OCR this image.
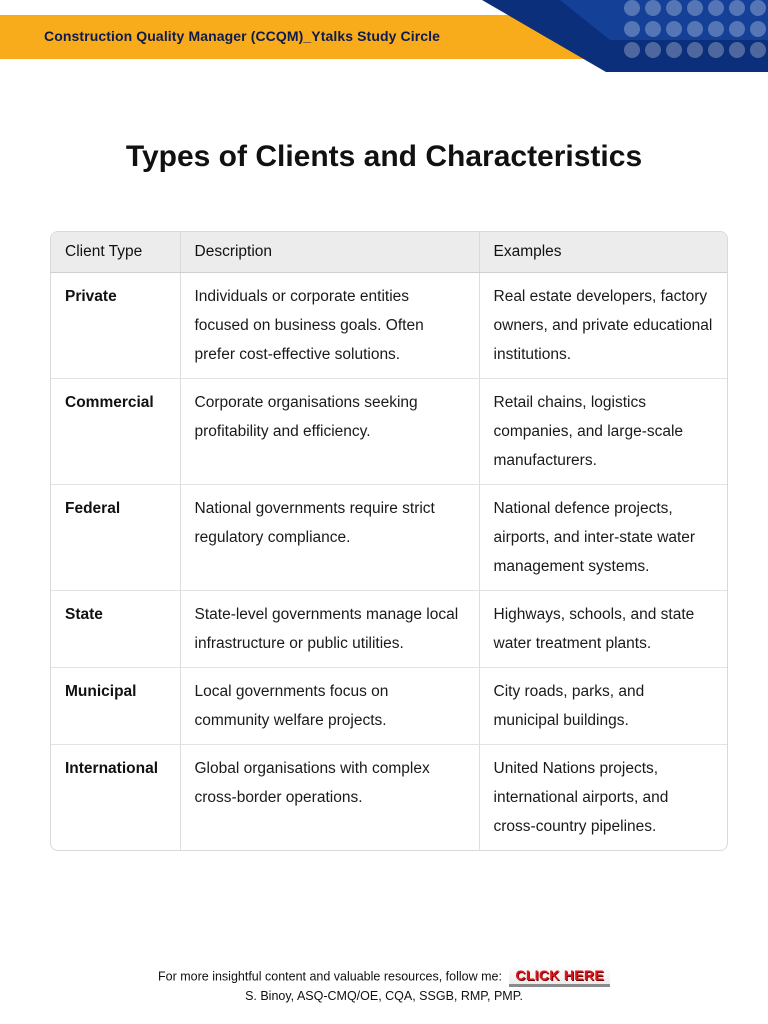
Construction Quality Manager (CCQM)_Ytalks Study Circle
Types of Clients and Characteristics
Client Type	Description	Examples
Private	Individuals or corporate entities focused on business goals. Often prefer cost-effective solutions.	Real estate developers, factory owners, and private educational institutions.
Commercial	Corporate organisations seeking profitability and efficiency.	Retail chains, logistics companies, and large-scale manufacturers.
Federal	National governments require strict regulatory compliance.	National defence projects, airports, and inter-state water management systems.
State	State-level governments manage local infrastructure or public utilities.	Highways, schools, and state water treatment plants.
Municipal	Local governments focus on community welfare projects.	City roads, parks, and municipal buildings.
International	Global organisations with complex cross-border operations.	United Nations projects, international airports, and cross-country pipelines.
For more insightful content and valuable resources, follow me: CLICK HERE
S. Binoy, ASQ-CMQ/OE, CQA, SSGB, RMP, PMP.
